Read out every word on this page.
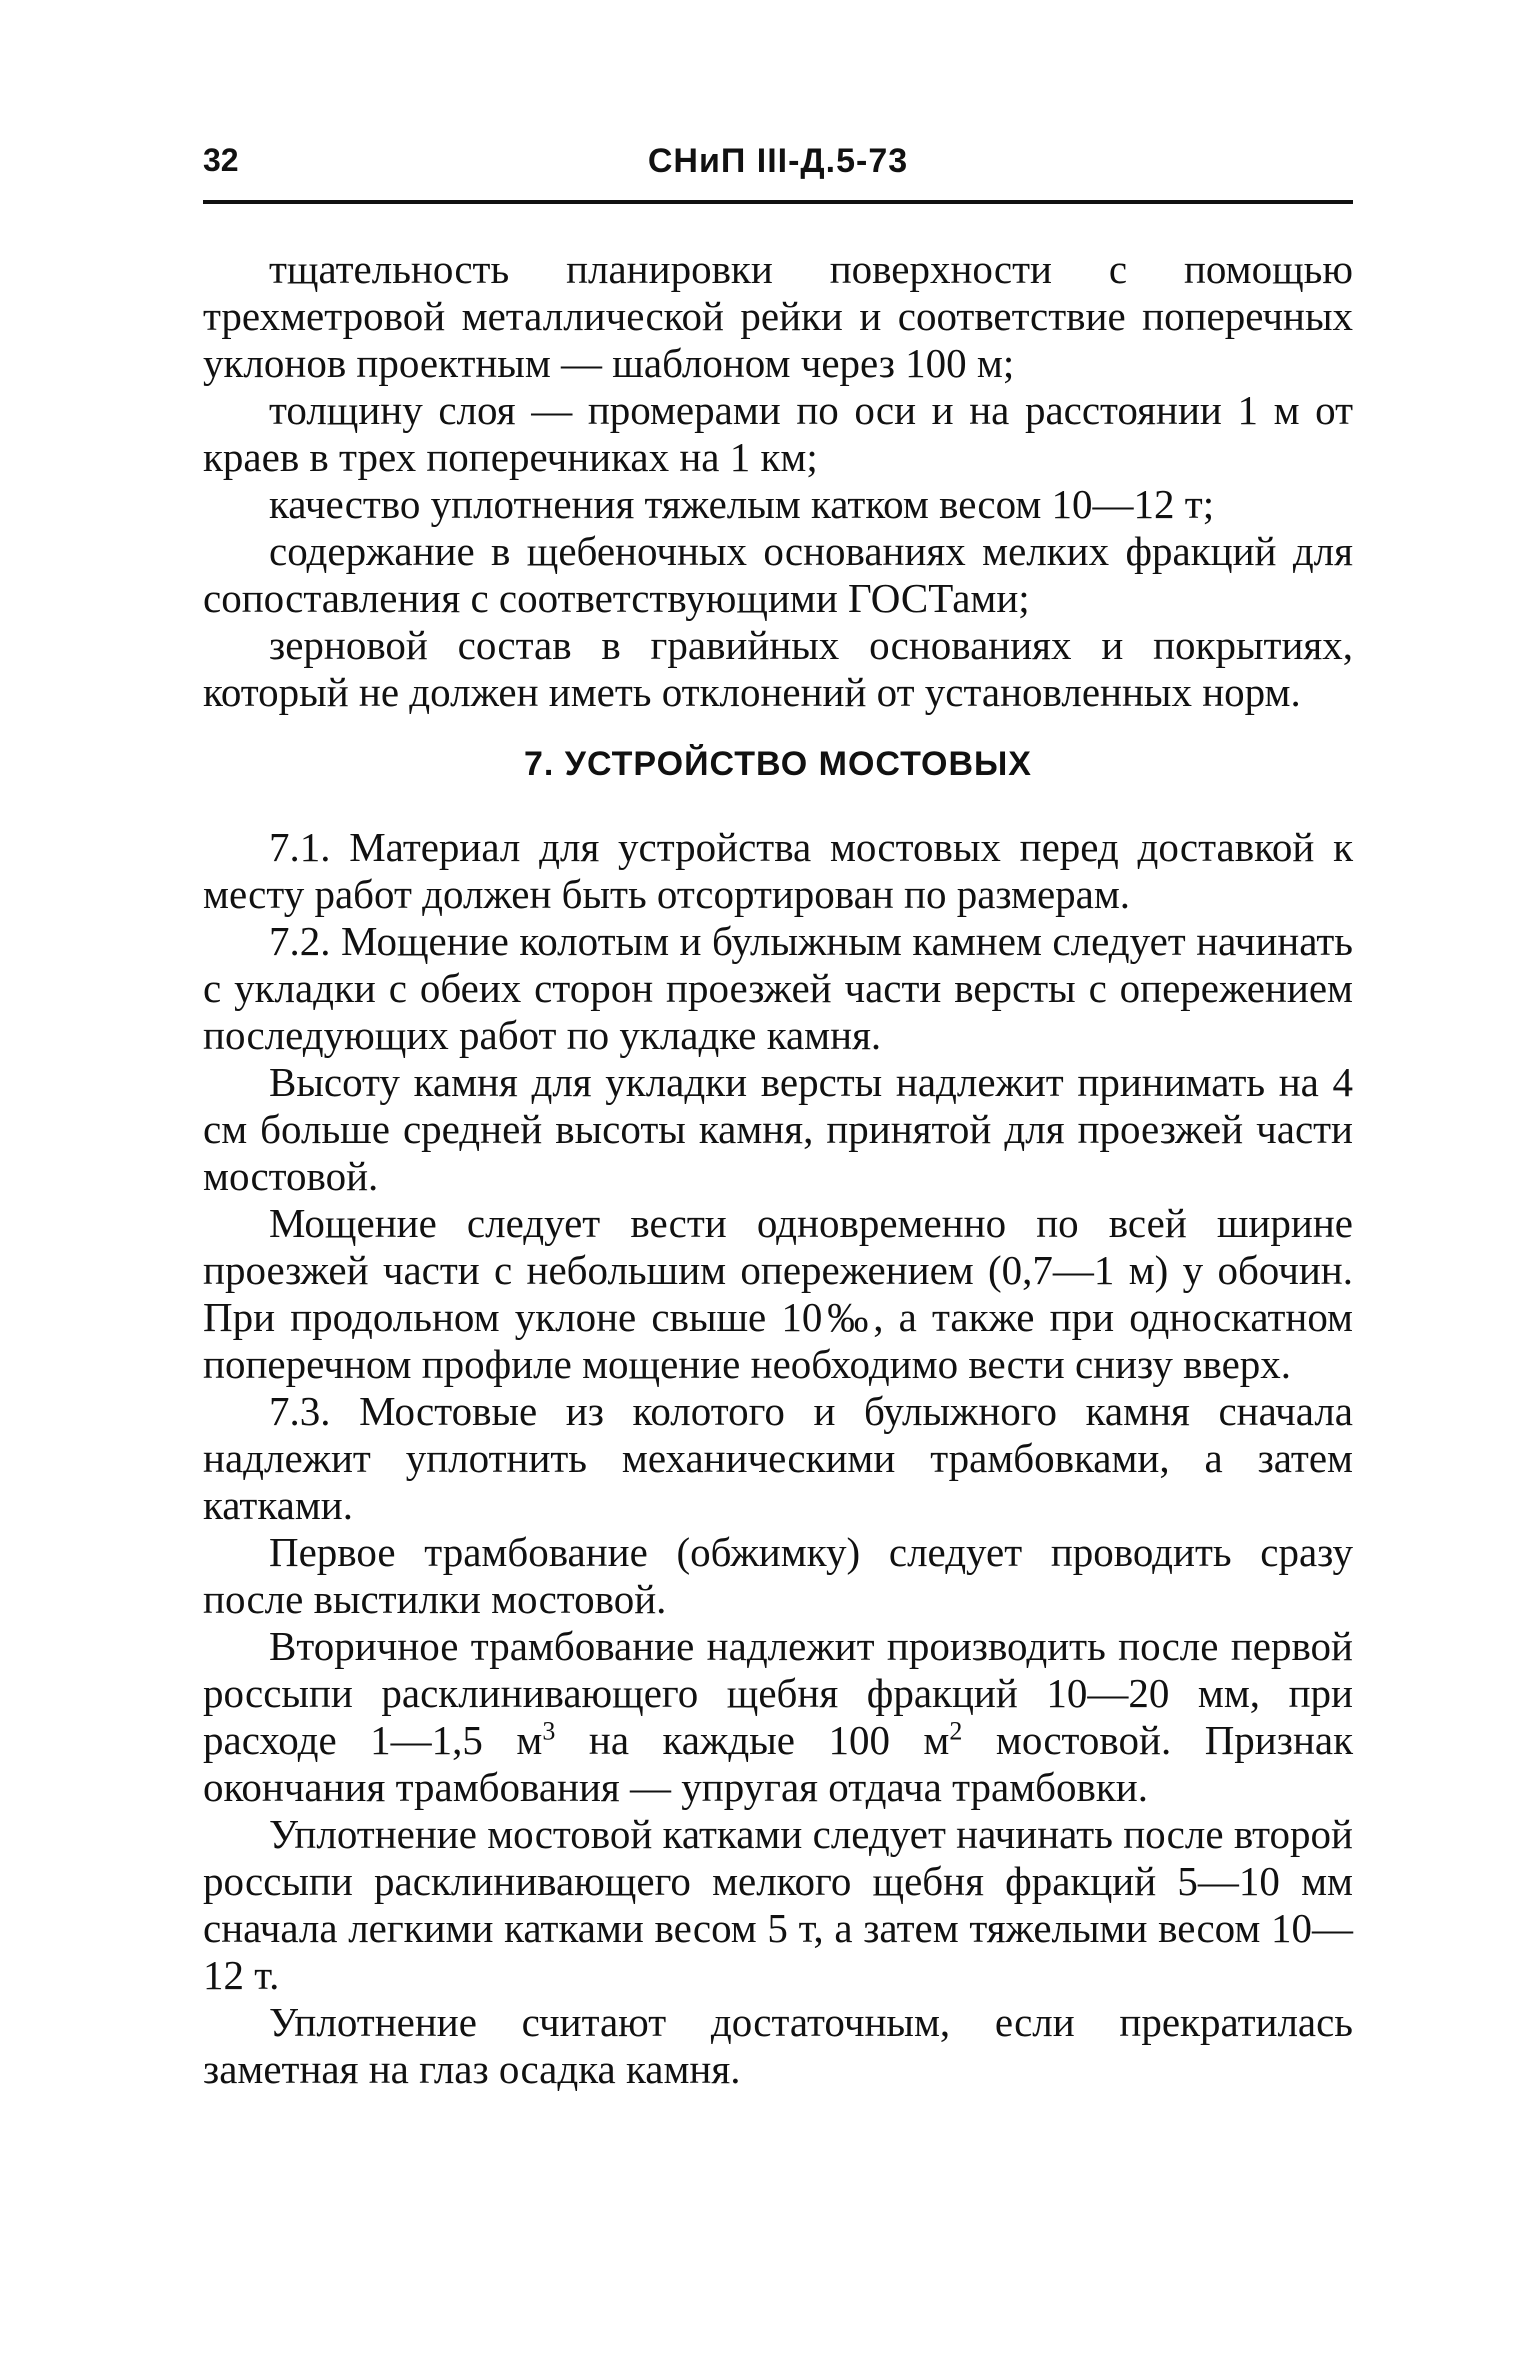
32	СНиП III-Д.5-73

тщательность планировки поверхности с помощью трехметровой металлической рейки и соответствие поперечных уклонов проектным — шаблоном через 100 м;

толщину слоя — промерами по оси и на расстоянии 1 м от краев в трех поперечниках на 1 км;

качество уплотнения тяжелым катком весом 10—12 т;

содержание в щебеночных основаниях мелких фракций для сопоставления с соответствующими ГОСТами;

зерновой состав в гравийных основаниях и покрытиях, который не должен иметь отклонений от установленных норм.

7. УСТРОЙСТВО МОСТОВЫХ

7.1. Материал для устройства мостовых перед доставкой к месту работ должен быть отсортирован по размерам.

7.2. Мощение колотым и булыжным камнем следует начинать с укладки с обеих сторон проезжей части версты с опережением последующих работ по укладке камня.

Высоту камня для укладки версты надлежит принимать на 4 см больше средней высоты камня, принятой для проезжей части мостовой.

Мощение следует вести одновременно по всей ширине проезжей части с небольшим опережением (0,7—1 м) у обочин. При продольном уклоне свыше 10‰, а также при односкатном поперечном профиле мощение необходимо вести снизу вверх.

7.3. Мостовые из колотого и булыжного камня сначала надлежит уплотнить механическими трамбовками, а затем катками.

Первое трамбование (обжимку) следует проводить сразу после выстилки мостовой.

Вторичное трамбование надлежит производить после первой россыпи расклинивающего щебня фракций 10—20 мм, при расходе 1—1,5 $м^3$ на каждые 100 $м^2$ мостовой. Признак окончания трамбования — упругая отдача трамбовки.

Уплотнение мостовой катками следует начинать после второй россыпи расклинивающего мелкого щебня фракций 5—10 мм сначала легкими катками весом 5 т, а затем тяжелыми весом 10—12 т.

Уплотнение считают достаточным, если прекратилась заметная на глаз осадка камня.
